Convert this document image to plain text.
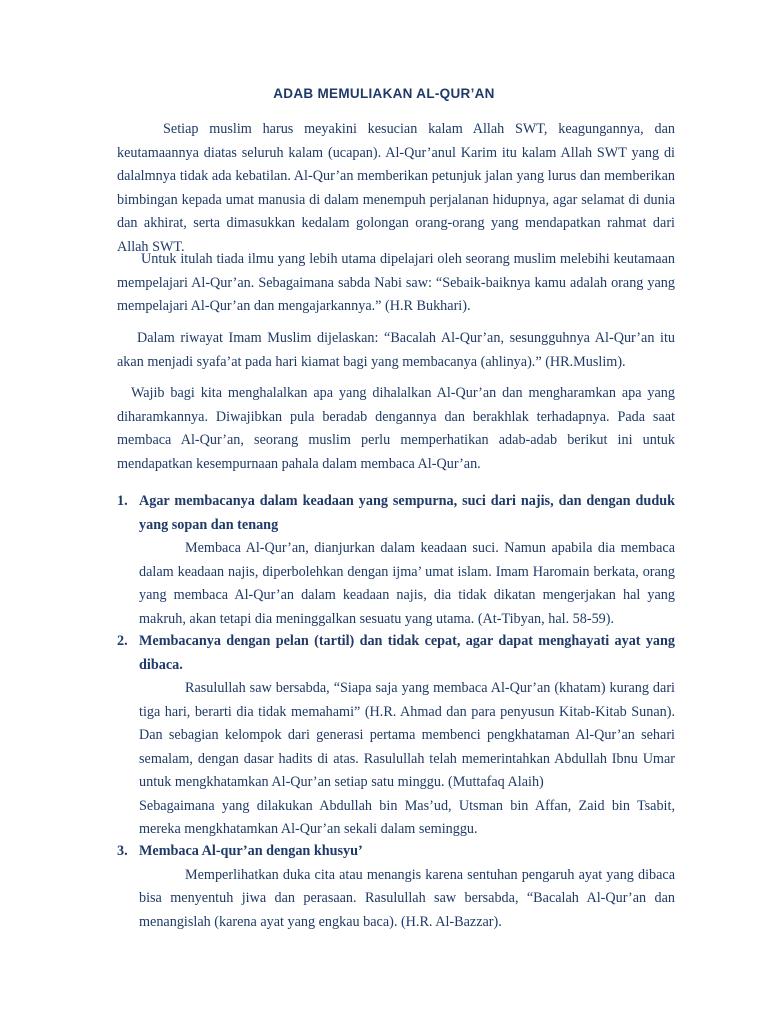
ADAB MEMULIAKAN AL-QUR’AN

Setiap muslim harus meyakini kesucian kalam Allah SWT, keagungannya, dan keutamaannya diatas seluruh kalam (ucapan). Al-Qur’anul Karim itu kalam Allah SWT yang di dalalmnya tidak ada kebatilan. Al-Qur’an memberikan petunjuk jalan yang lurus dan memberikan bimbingan kepada umat manusia di dalam menempuh perjalanan hidupnya, agar selamat di dunia dan akhirat, serta dimasukkan kedalam golongan orang-orang yang mendapatkan rahmat dari Allah SWT.

Untuk itulah tiada ilmu yang lebih utama dipelajari oleh seorang muslim melebihi keutamaan mempelajari Al-Qur’an. Sebagaimana sabda Nabi saw: “Sebaik-baiknya kamu adalah orang yang mempelajari Al-Qur’an dan mengajarkannya.” (H.R Bukhari).

Dalam riwayat Imam Muslim dijelaskan: “Bacalah Al-Qur’an, sesungguhnya Al-Qur’an itu akan menjadi syafa’at pada hari kiamat bagi yang membacanya (ahlinya).” (HR.Muslim).

Wajib bagi kita menghalalkan apa yang dihalalkan Al-Qur’an dan mengharamkan apa yang diharamkannya. Diwajibkan pula beradab dengannya dan berakhlak terhadapnya. Pada saat membaca Al-Qur’an, seorang muslim perlu memperhatikan adab-adab berikut ini untuk mendapatkan kesempurnaan pahala dalam membaca Al-Qur’an.

1. Agar membacanya dalam keadaan yang sempurna, suci dari najis, dan dengan duduk yang sopan dan tenang

Membaca Al-Qur’an, dianjurkan dalam keadaan suci. Namun apabila dia membaca dalam keadaan najis, diperbolehkan dengan ijma’ umat islam. Imam Haromain berkata, orang yang membaca Al-Qur’an dalam keadaan najis, dia tidak dikatan mengerjakan hal yang makruh, akan tetapi dia meninggalkan sesuatu yang utama. (At-Tibyan, hal. 58-59).

2. Membacanya dengan pelan (tartil) dan tidak cepat, agar dapat menghayati ayat yang dibaca.

Rasulullah saw bersabda, “Siapa saja yang membaca Al-Qur’an (khatam) kurang dari tiga hari, berarti dia tidak memahami” (H.R. Ahmad dan para penyusun Kitab-Kitab Sunan). Dan sebagian kelompok dari generasi pertama membenci pengkhataman Al-Qur’an sehari semalam, dengan dasar hadits di atas. Rasulullah telah memerintahkan Abdullah Ibnu Umar untuk mengkhatamkan Al-Qur’an setiap satu minggu. (Muttafaq Alaih)

Sebagaimana yang dilakukan Abdullah bin Mas’ud, Utsman bin Affan, Zaid bin Tsabit, mereka mengkhatamkan Al-Qur’an sekali dalam seminggu.

3. Membaca Al-qur’an dengan khusyu’

Memperlihatkan duka cita atau menangis karena sentuhan pengaruh ayat yang dibaca bisa menyentuh jiwa dan perasaan. Rasulullah saw bersabda, “Bacalah Al-Qur’an dan menangislah (karena ayat yang engkau baca). (H.R. Al-Bazzar).
